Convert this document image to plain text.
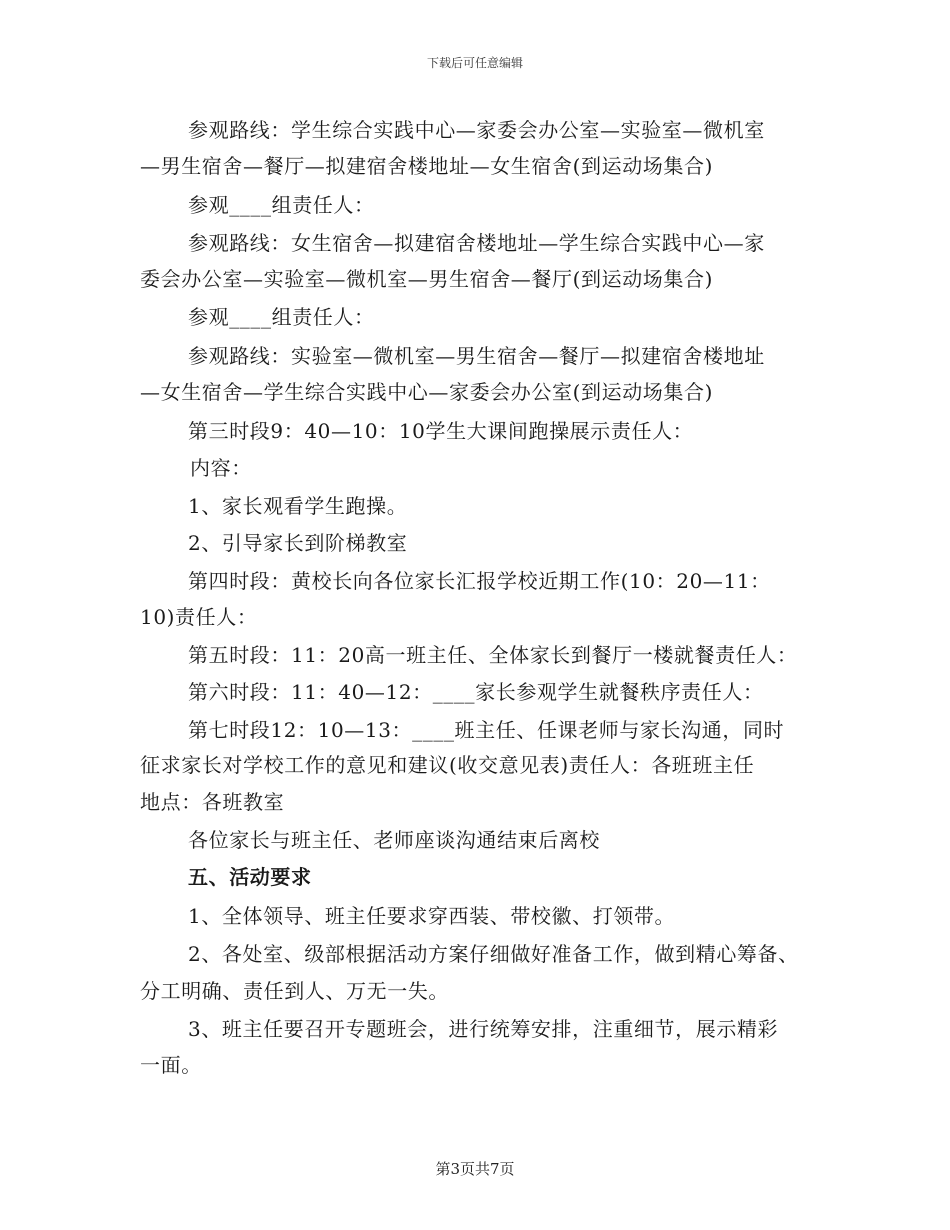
下载后可任意编辑
参观路线：学生综合实践中心—家委会办公室—实验室—微机室
—男生宿舍—餐厅—拟建宿舍楼地址—女生宿舍(到运动场集合)
参观____组责任人：
参观路线：女生宿舍—拟建宿舍楼地址—学生综合实践中心—家
委会办公室—实验室—微机室—男生宿舍—餐厅(到运动场集合)
参观____组责任人：
参观路线：实验室—微机室—男生宿舍—餐厅—拟建宿舍楼地址
—女生宿舍—学生综合实践中心—家委会办公室(到运动场集合)
第三时段9：40—10：10学生大课间跑操展示责任人：
内容：
1、家长观看学生跑操。
2、引导家长到阶梯教室
第四时段：黄校长向各位家长汇报学校近期工作(10：20—11：
10)责任人：
第五时段：11：20高一班主任、全体家长到餐厅一楼就餐责任人：
第六时段：11：40—12：____家长参观学生就餐秩序责任人：
第七时段12：10—13：____班主任、任课老师与家长沟通，同时
征求家长对学校工作的意见和建议(收交意见表)责任人：各班班主任
地点：各班教室
各位家长与班主任、老师座谈沟通结束后离校
五、活动要求
1、全体领导、班主任要求穿西装、带校徽、打领带。
2、各处室、级部根据活动方案仔细做好准备工作，做到精心筹备、
分工明确、责任到人、万无一失。
3、班主任要召开专题班会，进行统筹安排，注重细节，展示精彩
一面。
第3页共7页
